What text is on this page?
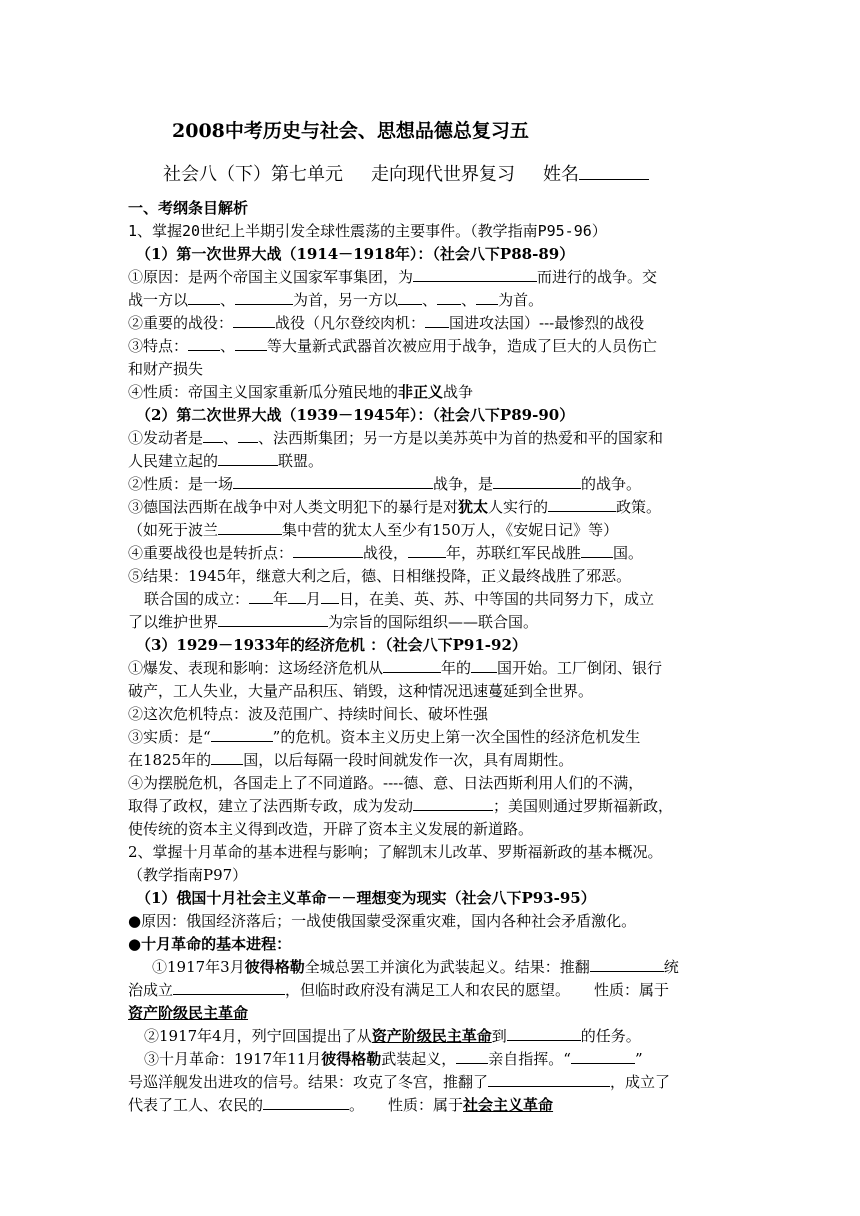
2008中考历史与社会、思想品德总复习五
社会八（下）第七单元 走向现代世界复习 姓名
一、考纲条目解析
1、掌握20世纪上半期引发全球性震荡的主要事件。（教学指南P95-96）
（1）第一次世界大战（1914－1918年）：（社会八下P88-89）
①原因：是两个帝国主义国家军事集团，为	而进行的战争。交
战一方以 、	为首，另一方以 、 、 为首。
②重要的战役：	战役（凡尔登绞肉机： 国进攻法国）---最惨烈的战役
③特点： 、 等大量新式武器首次被应用于战争，造成了巨大的人员伤亡
和财产损失
④性质：帝国主义国家重新瓜分殖民地的非正义战争
（2）第二次世界大战（1939－1945年）：（社会八下P89-90）
①发动者是 、 、法西斯集团；另一方是以美苏英中为首的热爱和平的国家和
人民建立起的	联盟。
②性质：是一场	战争，是	的战争。
③德国法西斯在战争中对人类文明犯下的暴行是对犹太人实行的	政策。
（如死于波兰	集中营的犹太人至少有150万人，《安妮日记》等）
④重要战役也是转折点：	战役，	年，苏联红军民战胜 国。
⑤结果：1945年，继意大利之后，德、日相继投降，正义最终战胜了邪恶。
联合国的成立： 年 月 日，在美、英、苏、中等国的共同努力下，成立
了以维护世界	为宗旨的国际组织——联合国。
（3）1929－1933年的经济危机 ：（社会八下P91-92）
①爆发、表现和影响：这场经济危机从	年的 国开始。工厂倒闭、银行
破产，工人失业，大量产品积压、销毁，这种情况迅速蔓延到全世界。
②这次危机特点：波及范围广、持续时间长、破坏性强
③实质：是“	”的危机。资本主义历史上第一次全国性的经济危机发生
在1825年的 国，以后每隔一段时间就发作一次，具有周期性。
④为摆脱危机，各国走上了不同道路。----德、意、日法西斯利用人们的不满，
取得了政权，建立了法西斯专政，成为发动	；美国则通过罗斯福新政，
使传统的资本主义得到改造，开辟了资本主义发展的新道路。
2、掌握十月革命的基本进程与影响；了解凯末儿改革、罗斯福新政的基本概况。
（教学指南P97）
（1）俄国十月社会主义革命－－理想变为现实（社会八下P93-95）
●原因：俄国经济落后；一战使俄国蒙受深重灾难，国内各种社会矛盾激化。
●十月革命的基本进程：
①1917年3月彼得格勒全城总罢工并演化为武装起义。结果：推翻	统
治成立	，但临时政府没有满足工人和农民的愿望。 性质：属于
资产阶级民主革命
②1917年4月，列宁回国提出了从资产阶级民主革命到	的任务。
③十月革命：1917年11月彼得格勒武装起义， 亲自指挥。“	”
号巡洋舰发出进攻的信号。结果：攻克了冬宫，推翻了	，成立了
代表了工人、农民的	。 性质：属于社会主义革命
